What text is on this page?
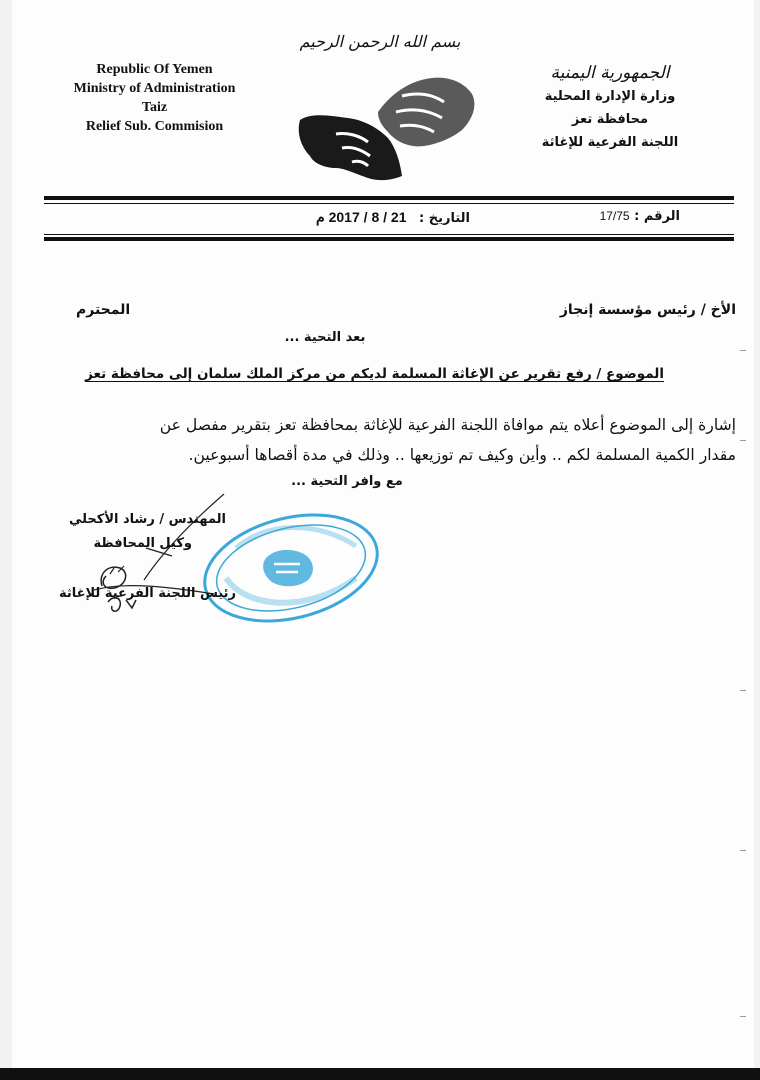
Republic Of Yemen
Ministry of Administration
Taiz
Relief Sub. Commision
بسم الله الرحمن الرحيم
الجمهورية اليمنية
وزارة الإدارة المحلية
محافظة تعز
اللجنة الفرعية للإغاثة
الرقم : 17/75
التاريخ : 21 / 8 / 2017 م
الأخ / رئيس مؤسسة إنجاز
المحترم
بعد التحية ...
الموضوع / رفع تقرير عن الإغاثة المسلمة لديكم من مركز الملك سلمان إلى محافظة تعز
إشارة إلى الموضوع أعلاه يتم موافاة اللجنة الفرعية للإغاثة بمحافظة تعز بتقرير مفصل عن
مقدار الكمية المسلمة لكم .. وأين وكيف تم توزيعها .. وذلك في مدة أقصاها أسبوعين.
مع وافر التحية ...
المهندس / رشاد الأكحلي
وكيل المحافظة
رئيس اللجنة الفرعية للإغاثة
